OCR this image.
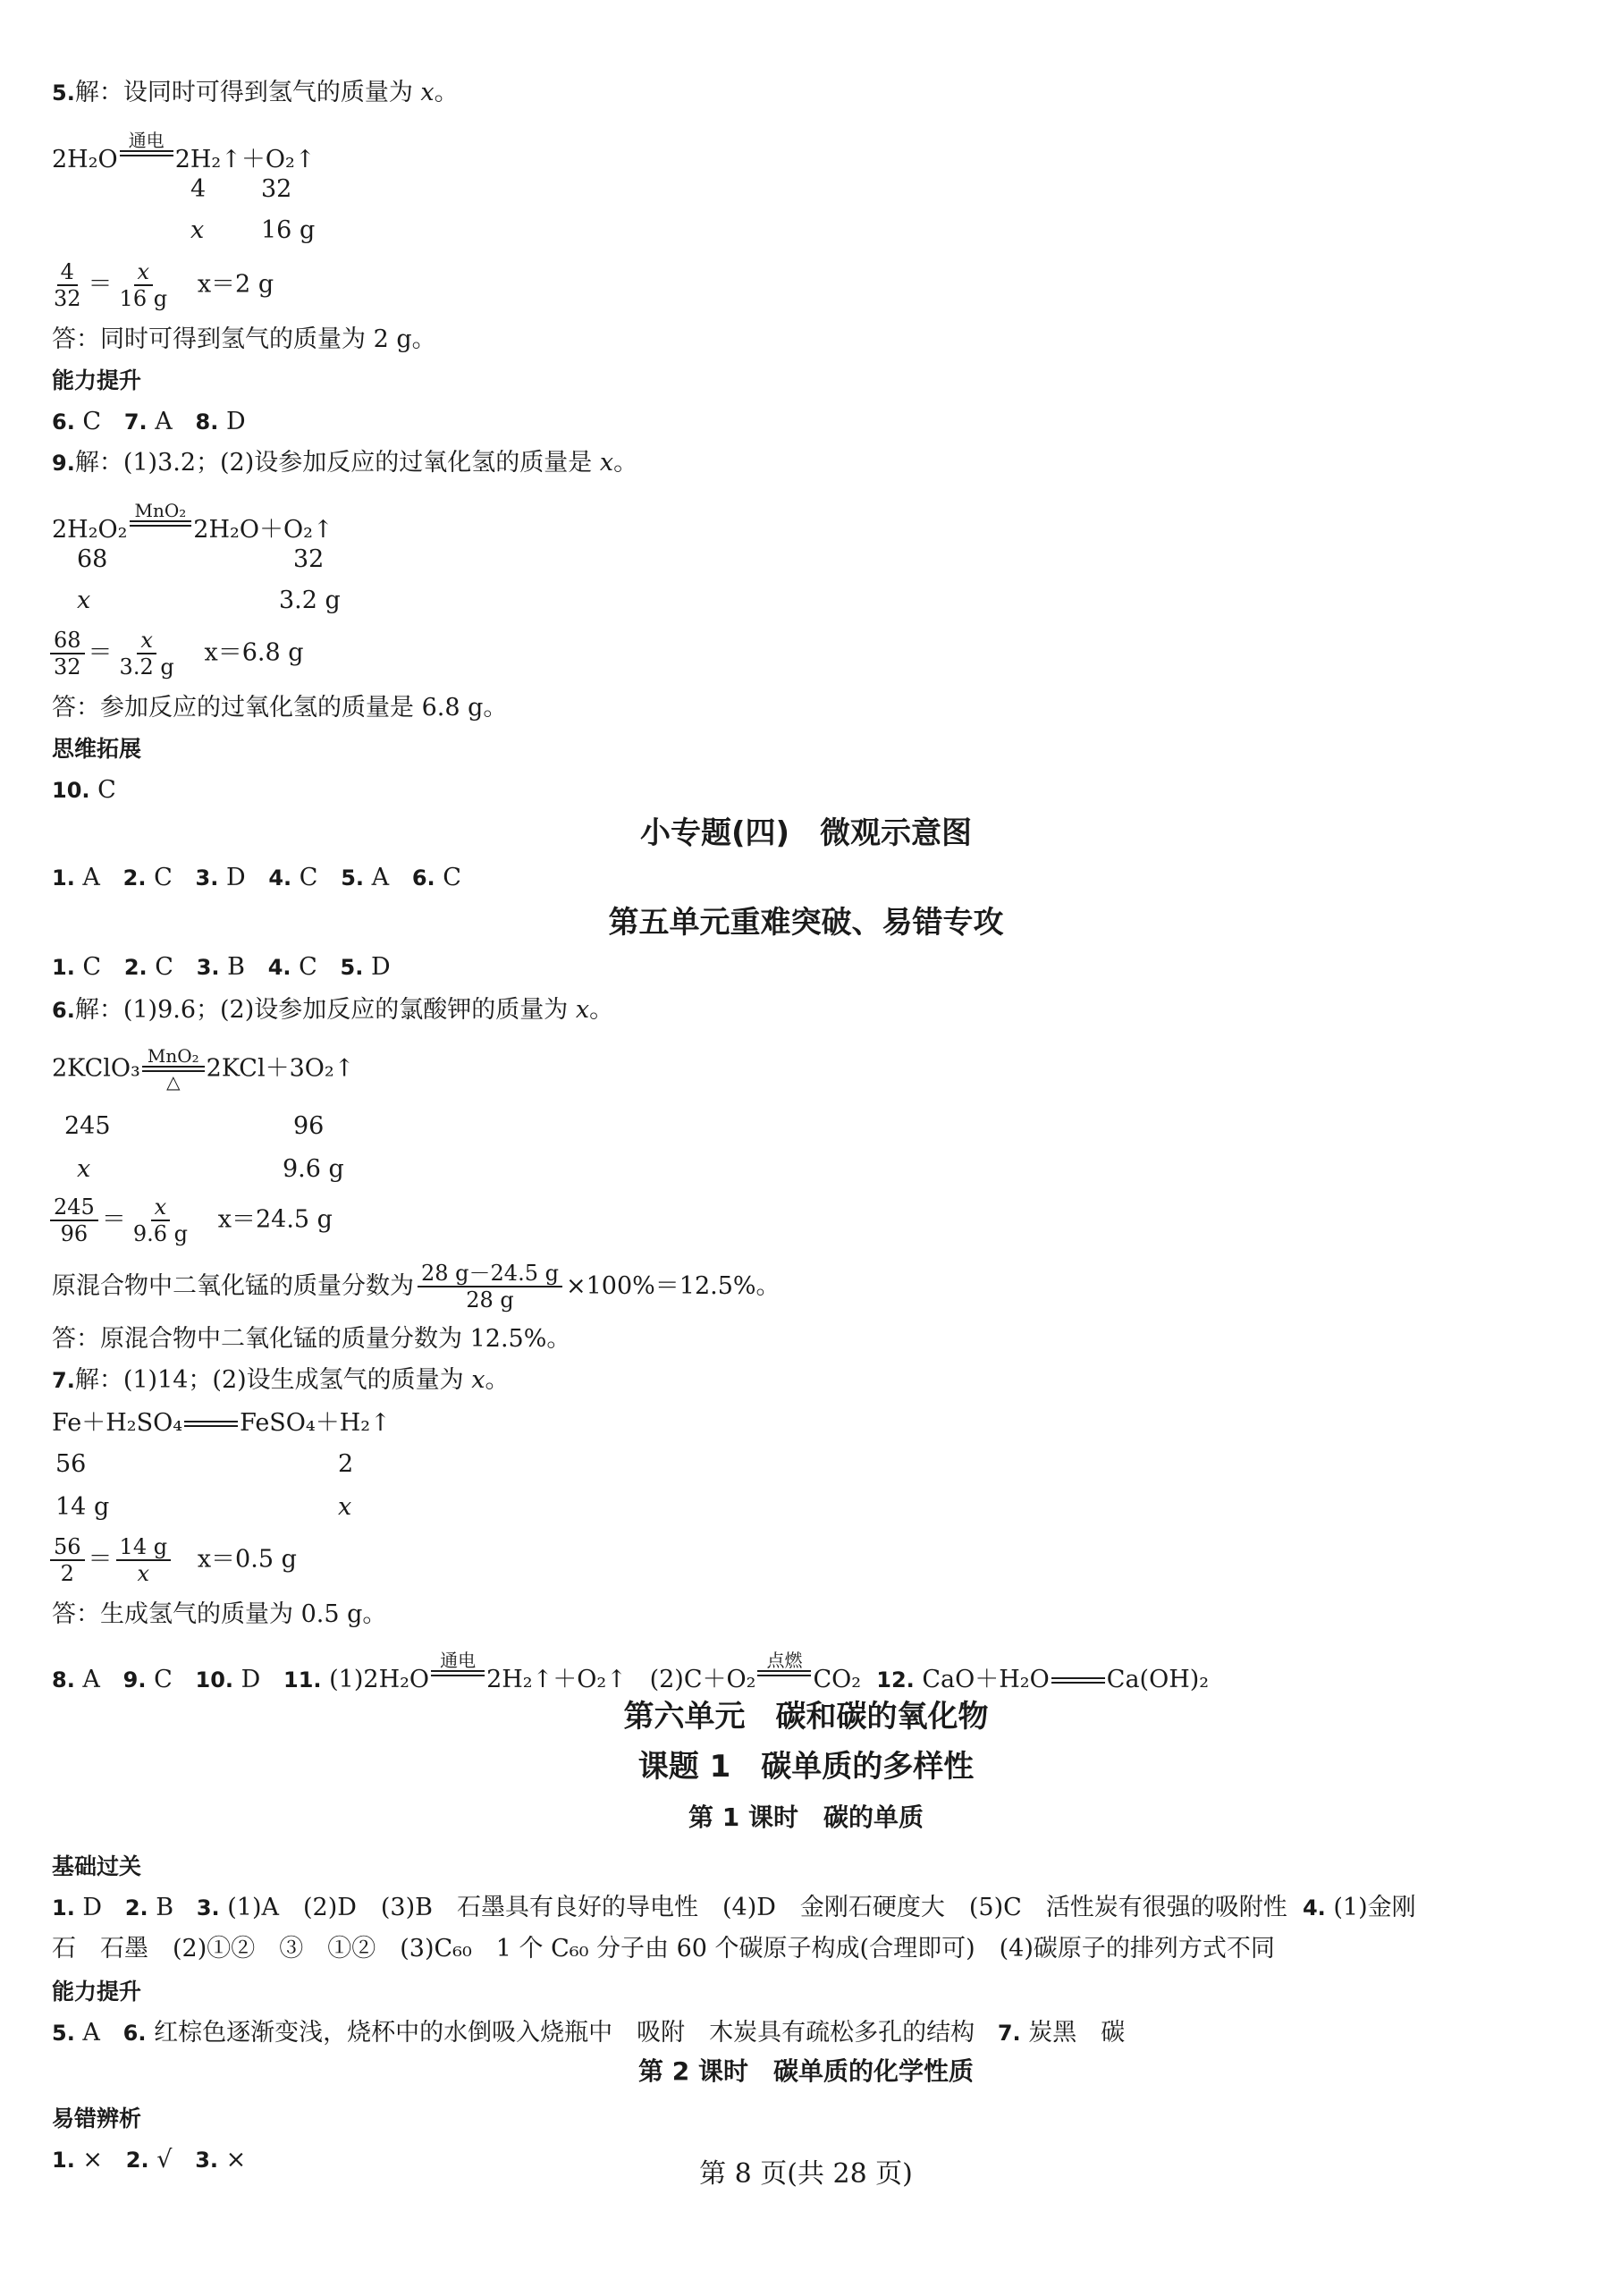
5.解：设同时可得到氢气的质量为 x。
2H₂O
通电

2H₂↑＋O₂↑
4 32
x 16 g
$\frac{4}{32} = \frac{x}{16 g} x=2$ g
答：同时可得到氢气的质量为 2 g。
能力提升
6. C 7. A 8. D
9.解：(1)3.2；(2)设参加反应的过氧化氢的质量是 x。
2H₂O₂
MnO₂

2H₂O＋O₂↑
68	32
x	3.2 g
$\frac{68}{32} = \frac{x}{3.2 g} x=6.8$ g
答：参加反应的过氧化氢的质量是 6.8 g。
思维拓展
10. C
小专题(四)　微观示意图
1. A 2. C 3. D 4. C 5. A 6. C
第五单元重难突破、易错专攻
1. C 2. C 3. B 4. C 5. D
6.解：(1)9.6；(2)设参加反应的氯酸钾的质量为 x。
2KClO₃ MnO₂
△ 2KCl＋3O₂↑
245	96
x	9.6 g
$\frac{245}{96} = \frac{x}{9.6 g} x=24.5$ g
原混合物中二氧化锰的质量分数为 $\frac{28 g-24.5 g}{28 g} \times 100\%=12.5\%$。
答：原混合物中二氧化锰的质量分数为 12.5%。
7.解：(1)14；(2)设生成氢气的质量为 x。
Fe＋H₂SO₄ FeSO₄＋H₂↑
56	2
14 g	x
$\frac{56}{2} = \frac{14 g}{x} x=0.5$ g
答：生成氢气的质量为 0.5 g。
8. A 9. C 10. D 11. (1)2H₂O
通电

2H₂↑＋O₂↑ (2)C＋O₂
点燃

CO₂ 12. CaO＋H₂O Ca(OH)₂
第六单元　碳和碳的氧化物
课题 1　碳单质的多样性
第 1 课时　碳的单质
基础过关
1. D 2. B 3. (1)A　(2)D　(3)B　石墨具有良好的导电性　(4)D　金刚石硬度大　(5)C　活性炭有很强的吸附性 4. (1)金刚
石　石墨　(2)①②　③　①②　(3)C₆₀　1 个 C₆₀ 分子由 60 个碳原子构成(合理即可)　(4)碳原子的排列方式不同
能力提升
5. A 6. 红棕色逐渐变浅，烧杯中的水倒吸入烧瓶中　吸附　木炭具有疏松多孔的结构 7. 炭黑　碳
第 2 课时　碳单质的化学性质
易错辨析
1. × 2. √ 3. ×	第 8 页(共 28 页)
